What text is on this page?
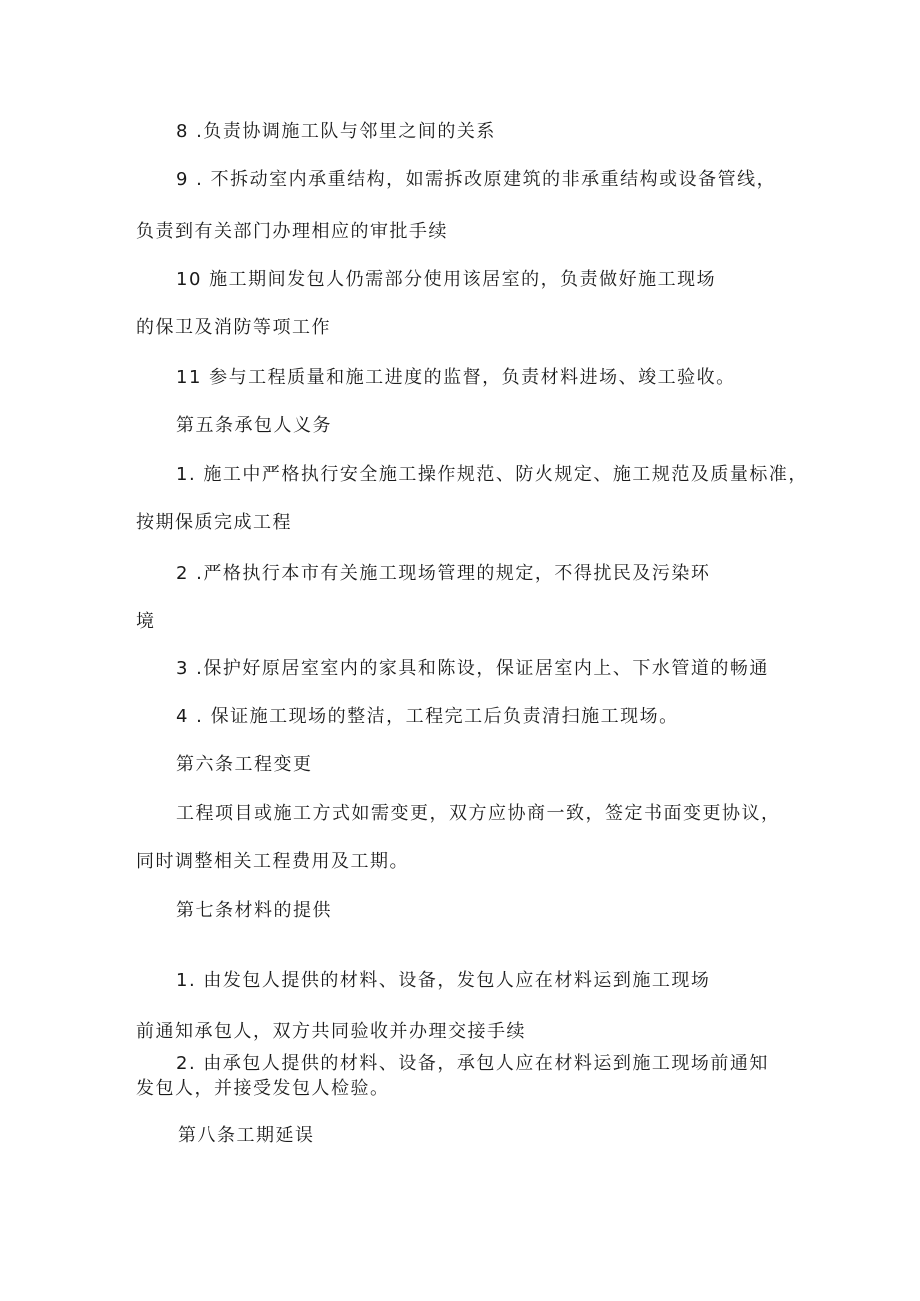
8 .负责协调施工队与邻里之间的关系
9 . 不拆动室内承重结构，如需拆改原建筑的非承重结构或设备管线，
负责到有关部门办理相应的审批手续
10 施工期间发包人仍需部分使用该居室的，负责做好施工现场
的保卫及消防等项工作
11 参与工程质量和施工进度的监督，负责材料进场、竣工验收。
第五条承包人义务
1. 施工中严格执行安全施工操作规范、防火规定、施工规范及质量标准，
按期保质完成工程
2 .严格执行本市有关施工现场管理的规定，不得扰民及污染环
境
3 .保护好原居室室内的家具和陈设，保证居室内上、下水管道的畅通
4 . 保证施工现场的整洁，工程完工后负责清扫施工现场。
第六条工程变更
工程项目或施工方式如需变更，双方应协商一致，签定书面变更协议，
同时调整相关工程费用及工期。
第七条材料的提供
1. 由发包人提供的材料、设备，发包人应在材料运到施工现场
前通知承包人，双方共同验收并办理交接手续
2. 由承包人提供的材料、设备，承包人应在材料运到施工现场前通知
发包人，并接受发包人检验。
第八条工期延误
